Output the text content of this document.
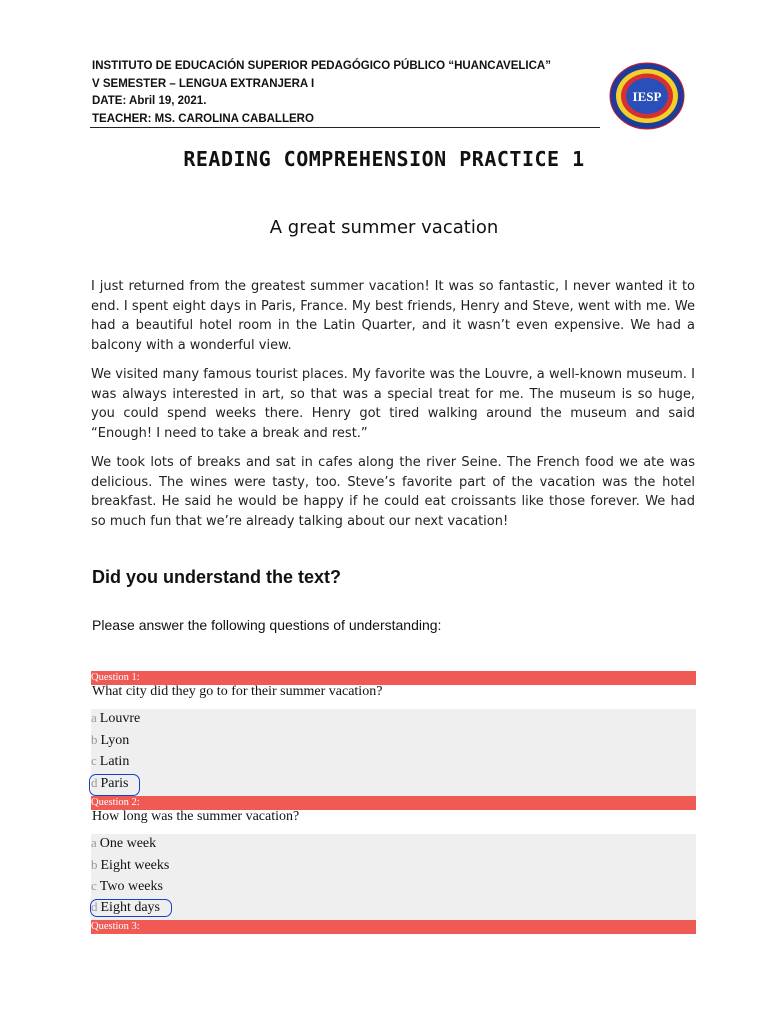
INSTITUTO DE EDUCACIÓN SUPERIOR PEDAGÓGICO PÚBLICO “HUANCAVELICA”
V SEMESTER – LENGUA EXTRANJERA I
DATE: Abril 19, 2021.
TEACHER: MS. CAROLINA CABALLERO
IESP
READING COMPREHENSION PRACTICE 1
A great summer vacation
I just returned from the greatest summer vacation! It was so fantastic, I never wanted it to end. I spent eight days in Paris, France. My best friends, Henry and Steve, went with me. We had a beautiful hotel room in the Latin Quarter, and it wasn’t even expensive. We had a balcony with a wonderful view.
We visited many famous tourist places. My favorite was the Louvre, a well-known museum. I was always interested in art, so that was a special treat for me. The museum is so huge, you could spend weeks there. Henry got tired walking around the museum and said “Enough! I need to take a break and rest.”
We took lots of breaks and sat in cafes along the river Seine. The French food we ate was delicious. The wines were tasty, too. Steve’s favorite part of the vacation was the hotel breakfast. He said he would be happy if he could eat croissants like those forever. We had so much fun that we’re already talking about our next vacation!
Did you understand the text?
Please answer the following questions of understanding:
Question 1:
What city did they go to for their summer vacation?
a Louvre
b Lyon
c Latin
d Paris
Question 2:
How long was the summer vacation?
a One week
b Eight weeks
c Two weeks
d Eight days
Question 3:
